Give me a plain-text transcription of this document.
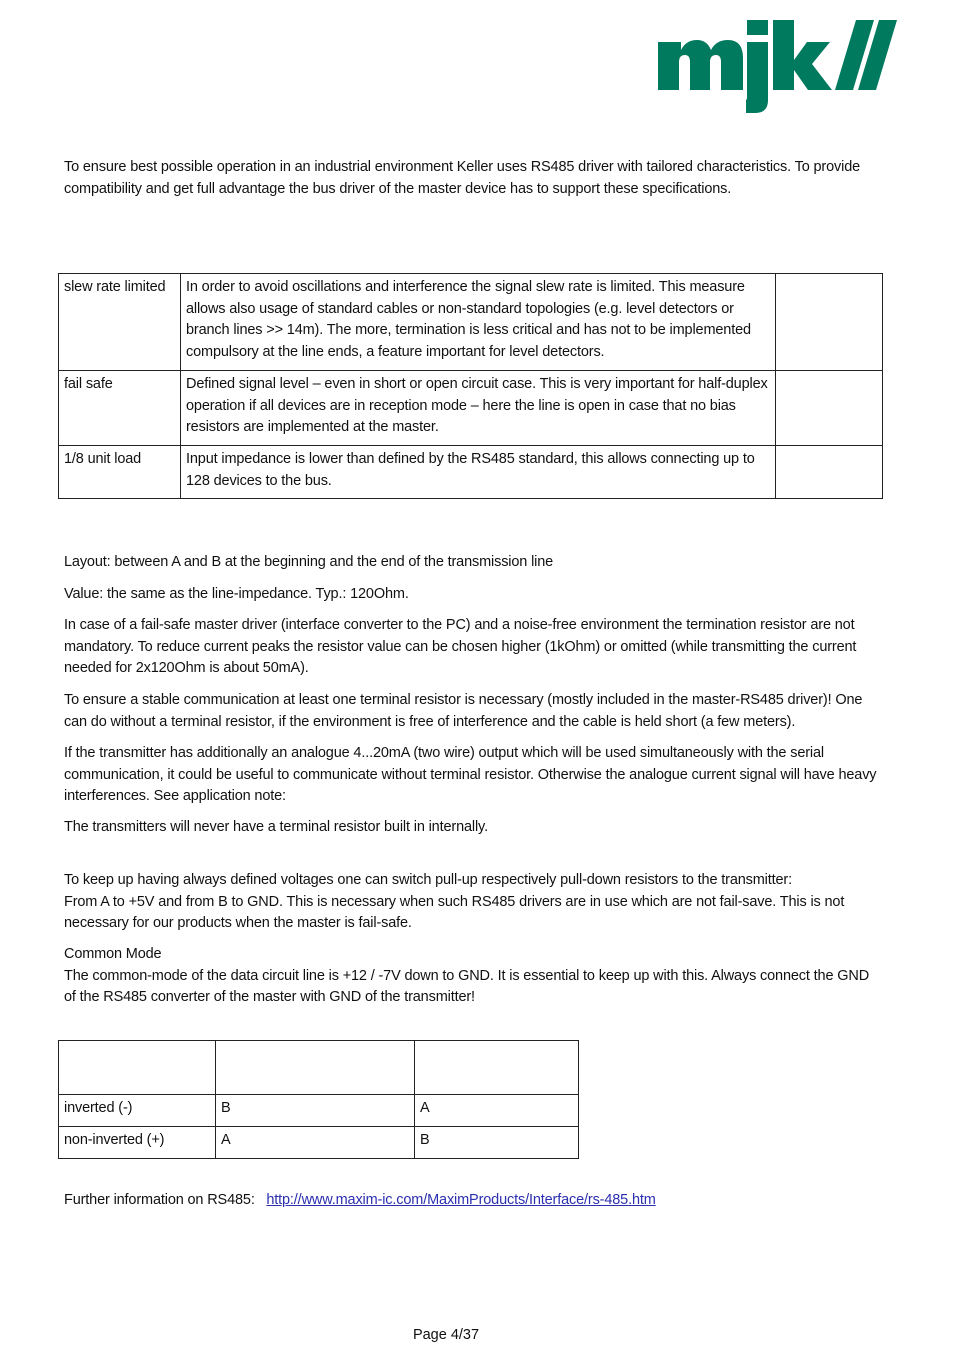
To ensure best possible operation in an industrial environment Keller uses RS485 driver with tailored characteristics. To provide compatibility and get full advantage the bus driver of the master device has to support these specifications.

slew rate limited	In order to avoid oscillations and interference the signal slew rate is limited. This measure allows also usage of standard cables or non-standard topologies (e.g. level detectors or branch lines >> 14m). The more, termination is less critical and has not to be implemented compulsory at the line ends, a feature important for level detectors.	
fail safe	Defined signal level – even in short or open circuit case. This is very important for half-duplex operation if all devices are in reception mode – here the line is open in case that no bias resistors are implemented at the master.	
1/8 unit load	Input impedance is lower than defined by the RS485 standard, this allows connecting up to 128 devices to the bus.	

Layout: between A and B at the beginning and the end of the transmission line

Value: the same as the line-impedance. Typ.: 120Ohm.

In case of a fail-safe master driver (interface converter to the PC) and a noise-free environment the termination resistor are not mandatory. To reduce current peaks the resistor value can be chosen higher (1kOhm) or omitted (while transmitting the current needed for 2x120Ohm is about 50mA).

To ensure a stable communication at least one terminal resistor is necessary (mostly included in the master-RS485 driver)! One can do without a terminal resistor, if the environment is free of interference and the cable is held short (a few meters).

If the transmitter has additionally an analogue 4...20mA (two wire) output which will be used simultaneously with the serial communication, it could be useful to communicate without terminal resistor. Otherwise the analogue current signal will have heavy interferences. See application note:

The transmitters will never have a terminal resistor built in internally.

To keep up having always defined voltages one can switch pull-up respectively pull-down resistors to the transmitter:
From A to +5V and from B to GND. This is necessary when such RS485 drivers are in use which are not fail-save. This is not necessary for our products when the master is fail-safe.

Common Mode
The common-mode of the data circuit line is +12 / -7V down to GND. It is essential to keep up with this. Always connect the GND of the RS485 converter of the master with GND of the transmitter!

inverted (-)	B	A
non-inverted (+)	A	B

Further information on RS485: http://www.maxim-ic.com/MaximProducts/Interface/rs-485.htm

Page 4/37
